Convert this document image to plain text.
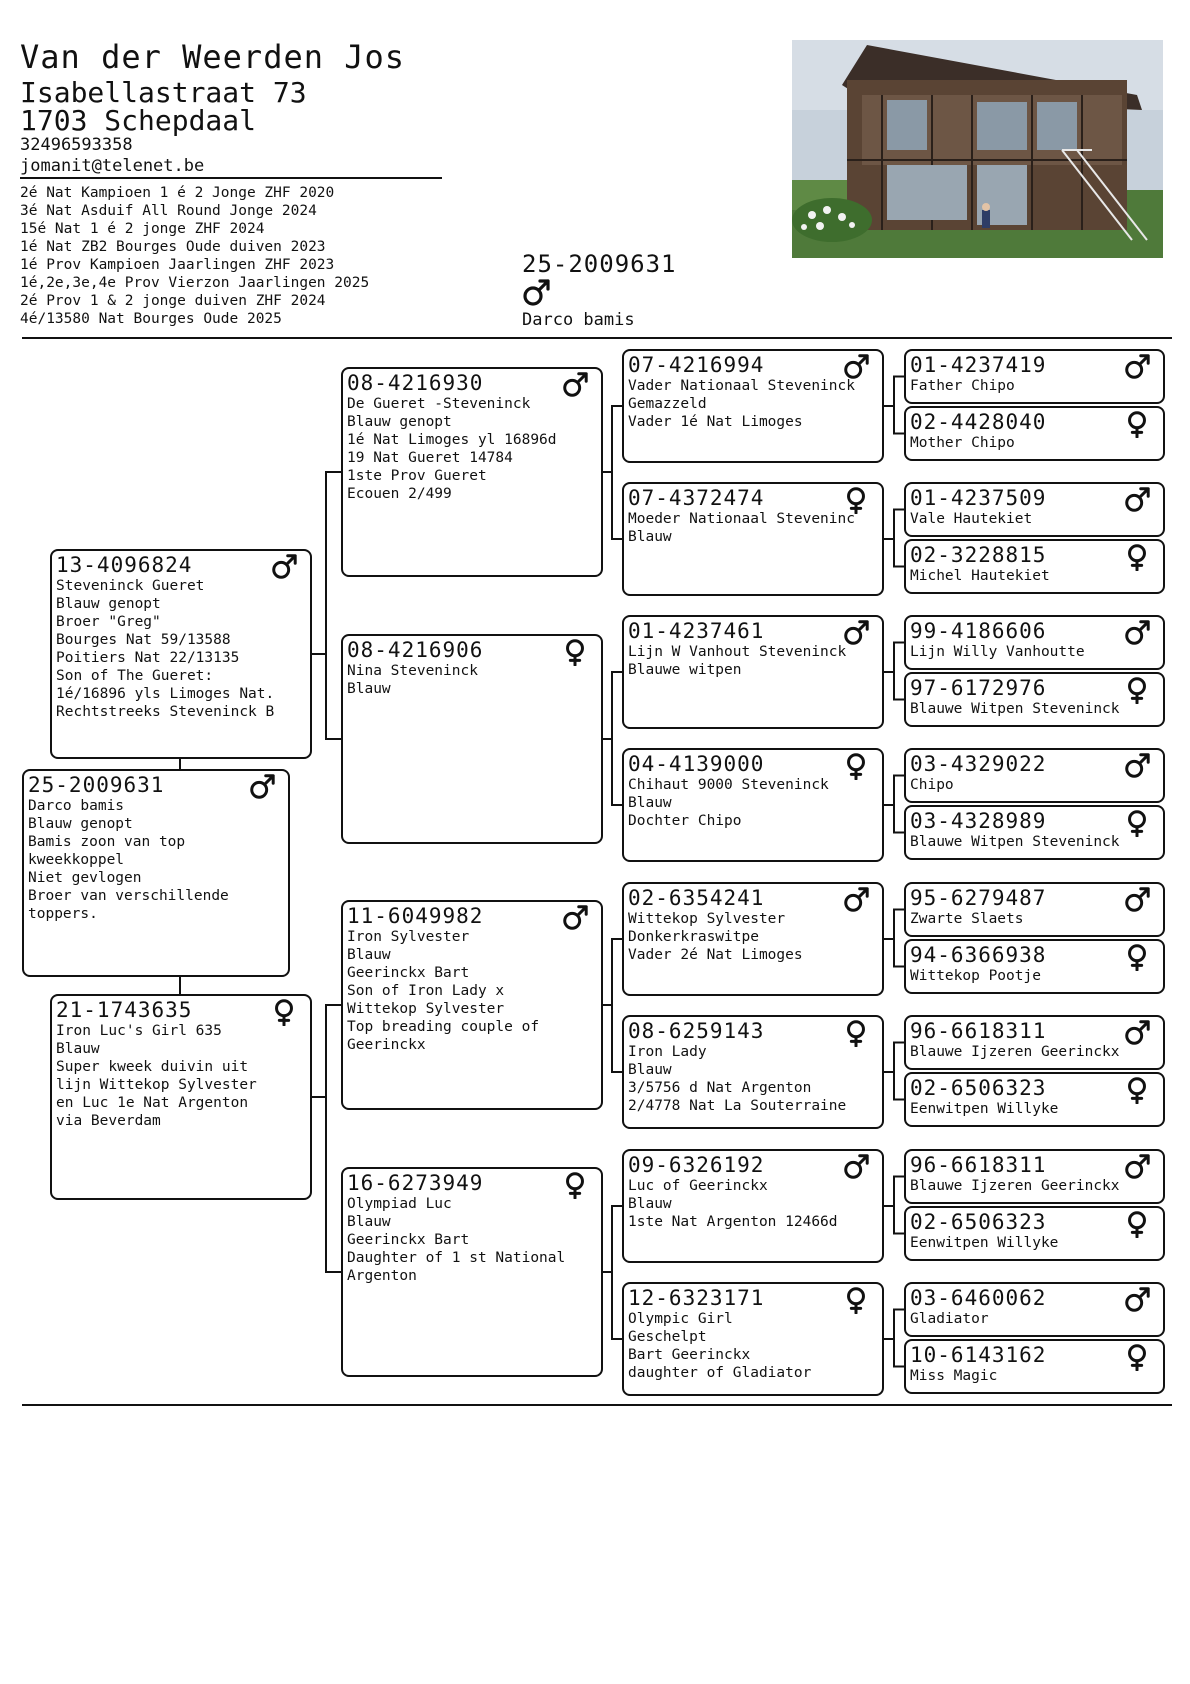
Van der Weerden Jos
Isabellastraat 73
1703 Schepdaal
32496593358
jomanit@telenet.be
2é Nat Kampioen 1 é 2 Jonge ZHF 2020
3é Nat Asduif All Round Jonge 2024
15é Nat 1 é 2 jonge ZHF 2024
1é Nat ZB2 Bourges Oude duiven 2023
1é Prov Kampioen Jaarlingen ZHF 2023
1é,2e,3e,4e Prov Vierzon Jaarlingen 2025
2é Prov 1 & 2 jonge duiven ZHF 2024
4é/13580 Nat Bourges Oude 2025
25-2009631
Darco bamis
25-2009631
Darco bamis
Blauw genopt
Bamis zoon van top
kweekkoppel
Niet gevlogen
Broer van verschillende
toppers.
13-4096824
Steveninck Gueret
Blauw genopt
Broer "Greg"
Bourges Nat 59/13588
Poitiers Nat 22/13135
Son of The Gueret:
1é/16896 yls Limoges Nat.
Rechtstreeks Steveninck B
21-1743635
Iron Luc's Girl 635
Blauw
Super kweek duivin uit
lijn Wittekop Sylvester
en Luc 1e Nat Argenton
via Beverdam
08-4216930
De Gueret -Steveninck
Blauw genopt
1é Nat Limoges yl 16896d
19 Nat Gueret 14784
1ste Prov Gueret
Ecouen 2/499
08-4216906
Nina Steveninck
Blauw
11-6049982
Iron Sylvester
Blauw
Geerinckx Bart
Son of Iron Lady x
Wittekop Sylvester
Top breading couple of
Geerinckx
16-6273949
Olympiad Luc
Blauw
Geerinckx Bart
Daughter of 1 st National
Argenton
07-4216994
Vader Nationaal Steveninck
Gemazzeld
Vader 1é Nat Limoges
07-4372474
Moeder Nationaal Steveninc
Blauw
01-4237461
Lijn W Vanhout Steveninck
Blauwe witpen
04-4139000
Chihaut 9000 Steveninck
Blauw
Dochter Chipo
02-6354241
Wittekop Sylvester
Donkerkraswitpe
Vader 2é Nat Limoges
08-6259143
Iron Lady
Blauw
3/5756 d Nat Argenton
2/4778 Nat La Souterraine
09-6326192
Luc of Geerinckx
Blauw
1ste Nat Argenton 12466d
12-6323171
Olympic Girl
Geschelpt
Bart Geerinckx
daughter of Gladiator
01-4237419
Father Chipo
02-4428040
Mother Chipo
01-4237509
Vale Hautekiet
02-3228815
Michel Hautekiet
99-4186606
Lijn Willy Vanhoutte
97-6172976
Blauwe Witpen Steveninck
03-4329022
Chipo
03-4328989
Blauwe Witpen Steveninck
95-6279487
Zwarte Slaets
94-6366938
Wittekop Pootje
96-6618311
Blauwe Ijzeren Geerinckx
02-6506323
Eenwitpen Willyke
96-6618311
Blauwe Ijzeren Geerinckx
02-6506323
Eenwitpen Willyke
03-6460062
Gladiator
10-6143162
Miss Magic
